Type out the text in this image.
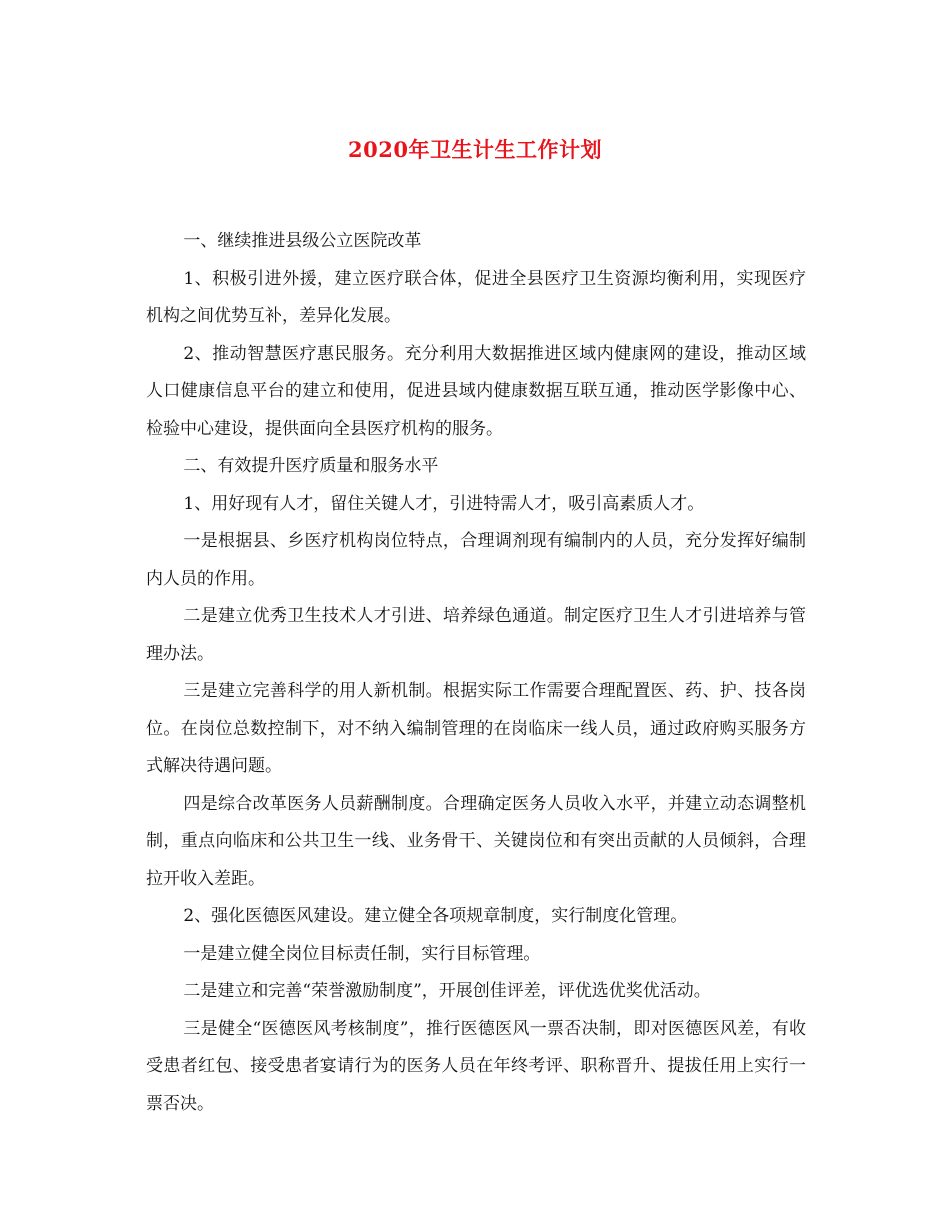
2020年卫生计生工作计划

一、继续推进县级公立医院改革

1、积极引进外援，建立医疗联合体，促进全县医疗卫生资源均衡利用，实现医疗机构之间优势互补，差异化发展。

2、推动智慧医疗惠民服务。充分利用大数据推进区域内健康网的建设，推动区域人口健康信息平台的建立和使用，促进县域内健康数据互联互通，推动医学影像中心、检验中心建设，提供面向全县医疗机构的服务。

二、有效提升医疗质量和服务水平

1、用好现有人才，留住关键人才，引进特需人才，吸引高素质人才。

一是根据县、乡医疗机构岗位特点，合理调剂现有编制内的人员，充分发挥好编制内人员的作用。

二是建立优秀卫生技术人才引进、培养绿色通道。制定医疗卫生人才引进培养与管理办法。

三是建立完善科学的用人新机制。根据实际工作需要合理配置医、药、护、技各岗位。在岗位总数控制下，对不纳入编制管理的在岗临床一线人员，通过政府购买服务方式解决待遇问题。

四是综合改革医务人员薪酬制度。合理确定医务人员收入水平，并建立动态调整机制，重点向临床和公共卫生一线、业务骨干、关键岗位和有突出贡献的人员倾斜，合理拉开收入差距。

2、强化医德医风建设。建立健全各项规章制度，实行制度化管理。

一是建立健全岗位目标责任制，实行目标管理。

二是建立和完善“荣誉激励制度”，开展创佳评差，评优选优奖优活动。

三是健全“医德医风考核制度”，推行医德医风一票否决制，即对医德医风差，有收受患者红包、接受患者宴请行为的医务人员在年终考评、职称晋升、提拔任用上实行一票否决。
